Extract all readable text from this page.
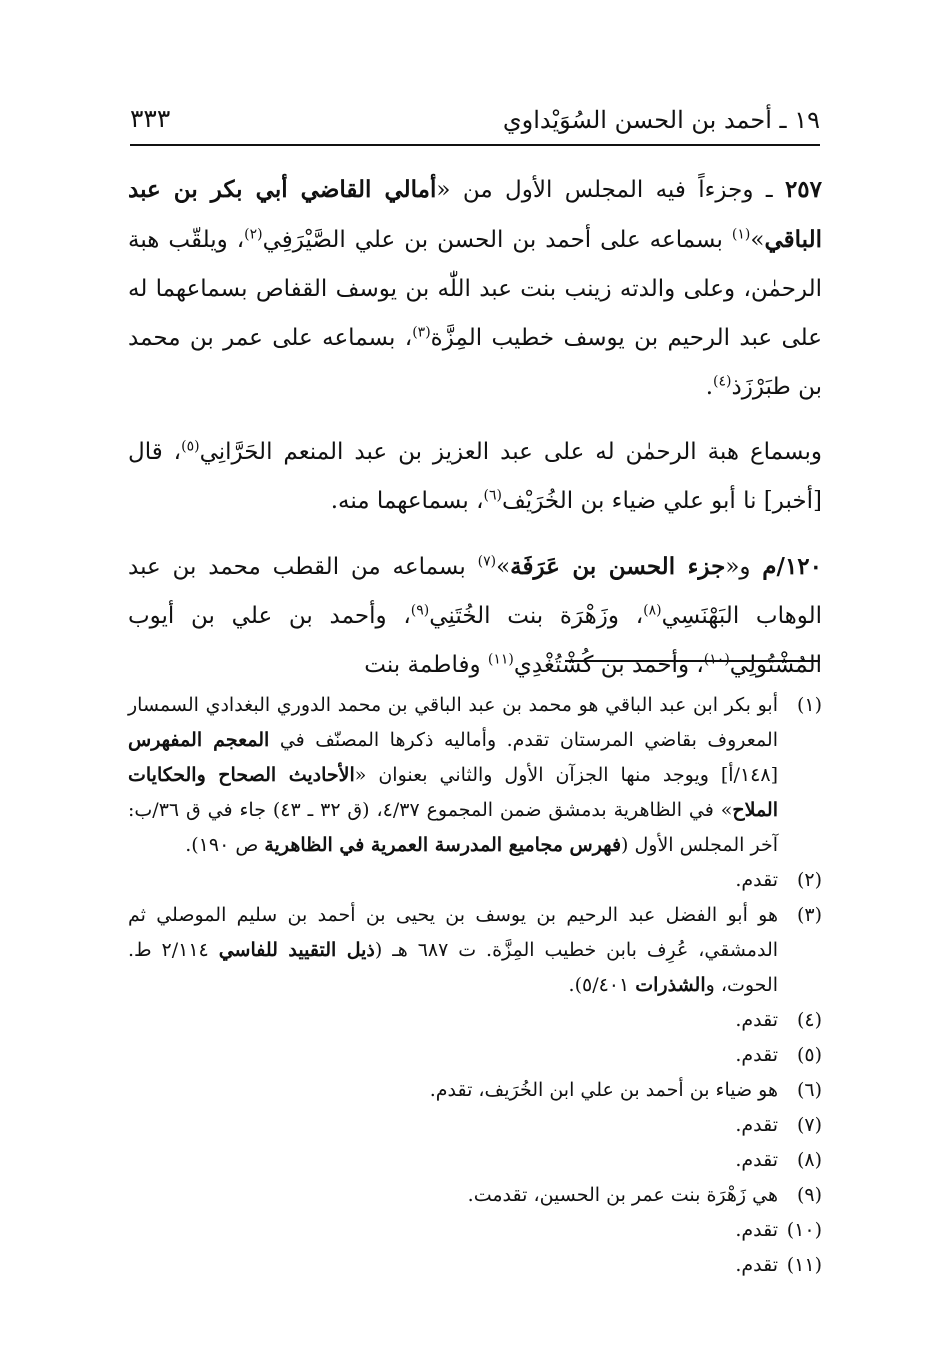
١٩ ـ أحمد بن الحسن السُوَيْداوي
٣٣٣

٢٥٧ ـ وجزءاً فيه المجلس الأول من «أمالي القاضي أبي بكر بن عبد الباقي»$^{(١)}$ بسماعه على أحمد بن الحسن بن علي الصَّيْرَفِي$^{(٢)}$، ويلقّب هبة الرحمٰن، وعلى والدته زينب بنت عبد اللّٰه بن يوسف القفاص بسماعهما له على عبد الرحيم بن يوسف خطيب المِزَّة$^{(٣)}$، بسماعه على عمر بن محمد بن طبَرْزَذ$^{(٤)}$.

وبسماع هبة الرحمٰن له على عبد العزيز بن عبد المنعم الحَرَّانِي$^{(٥)}$، قال [أخبر] نا أبو علي ضياء بن الخُرَيْف$^{(٦)}$، بسماعهما منه.

١٢٠/م و«جزء الحسن بن عَرَفَة»$^{(٧)}$ بسماعه من القطب محمد بن عبد الوهاب البَهْنَسِي$^{(٨)}$، وزَهْرَة بنت الخُتَنِي$^{(٩)}$، وأحمد بن علي بن أيوب المُشْتُولِي$^{(١٠)}$، وأحمد بن كُشْتُغْدِي$^{(١١)}$ وفاطمة بنت

(١)
أبو بكر ابن عبد الباقي هو محمد بن عبد الباقي بن محمد الدوري البغدادي السمسار المعروف بقاضي المرستان تقدم. وأماليه ذكرها المصنّف في المعجم المفهرس [١٤٨/أ] ويوجد منها الجزآن الأول والثاني بعنوان «الأحاديث الصحاح والحكايات الملاح» في الظاهرية بدمشق ضمن المجموع ٤/٣٧، (ق ٣٢ ـ ٤٣) جاء في ق ٣٦/ب: آخر المجلس الأول (فهرس مجاميع المدرسة العمرية في الظاهرية ص ١٩٠).
(٢)
تقدم.
(٣)
هو أبو الفضل عبد الرحيم بن يوسف بن يحيى بن أحمد بن سليم الموصلي ثم الدمشقي، عُرِف بابن خطيب المِزَّة. ت ٦٨٧ هـ (ذيل التقييد للفاسي ٢/١١٤ ط. الحوت، والشذرات ٥/٤٠١).
(٤)
تقدم.
(٥)
تقدم.
(٦)
هو ضياء بن أحمد بن علي ابن الخُرَيف، تقدم.
(٧)
تقدم.
(٨)
تقدم.
(٩)
هي زَهْرَة بنت عمر بن الحسين، تقدمت.
(١٠)
تقدم.
(١١)
تقدم.
